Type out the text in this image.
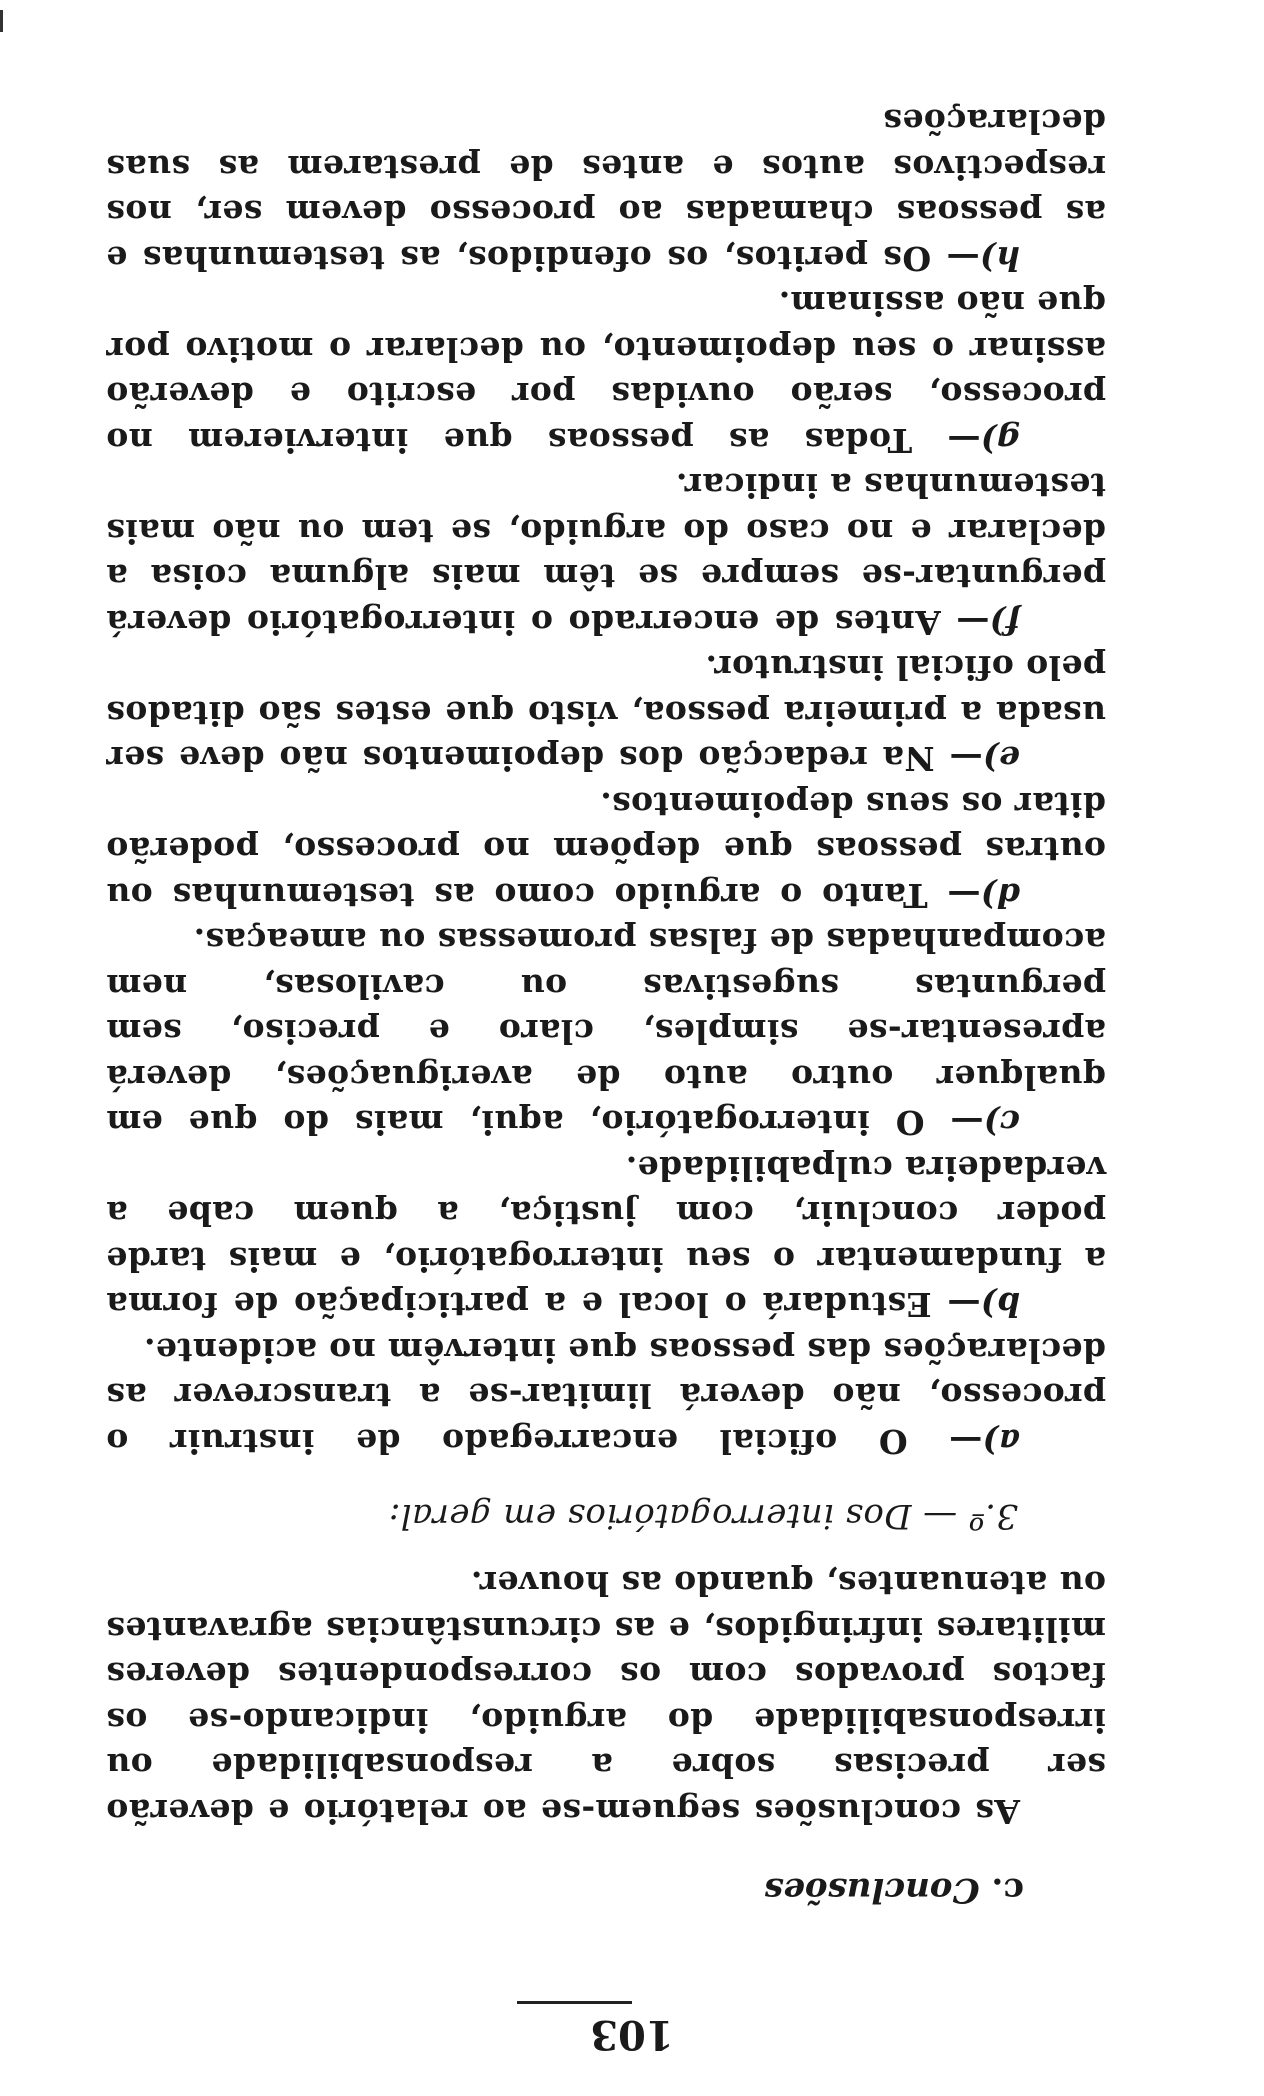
103
c. Conclusões

As conclusões seguem-se ao relatório e deverão ser precisas sobre a responsabilidade ou irresponsabilidade do arguido, indicando-se os factos provados com os correspondentes deveres militares infringidos, e as circunstâncias agravantes ou atenuantes, quando as houver.

3.º — Dos interrogatórios em geral:

a)— O oficial encarregado de instruir o processo, não deverá limitar-se a transcrever as declarações das pessoas que intervêm no acidente.

b)— Estudará o local e a participação de forma a fundamentar o seu interrogatório, e mais tarde poder concluir, com justiça, a quem cabe a verdadeira culpabilidade.

c)— O interrogatório, aqui, mais do que em qualquer outro auto de averiguações, deverá apresentar-se simples, claro e preciso, sem perguntas sugestivas ou cavilosas, nem acompanhadas de falsas promessas ou ameaças.

d)— Tanto o arguido como as testemunhas ou outras pessoas que depõem no processo, poderão ditar os seus depoimentos.

e)— Na redacção dos depoimentos não deve ser usada a primeira pessoa, visto que estes são ditados pelo oficial instrutor.

f)— Antes de encerrado o interrogatório deverá perguntar-se sempre se têm mais alguma coisa a declarar e no caso do arguido, se tem ou não mais testemunhas a indicar.

g)— Todas as pessoas que intervierem no processo, serão ouvidas por escrito e deverão assinar o seu depoimento, ou declarar o motivo por que não assinam.

h)— Os peritos, os ofendidos, as testemunhas e as pessoas chamadas ao processo devem ser, nos respectivos autos e antes de prestarem as suas declarações
